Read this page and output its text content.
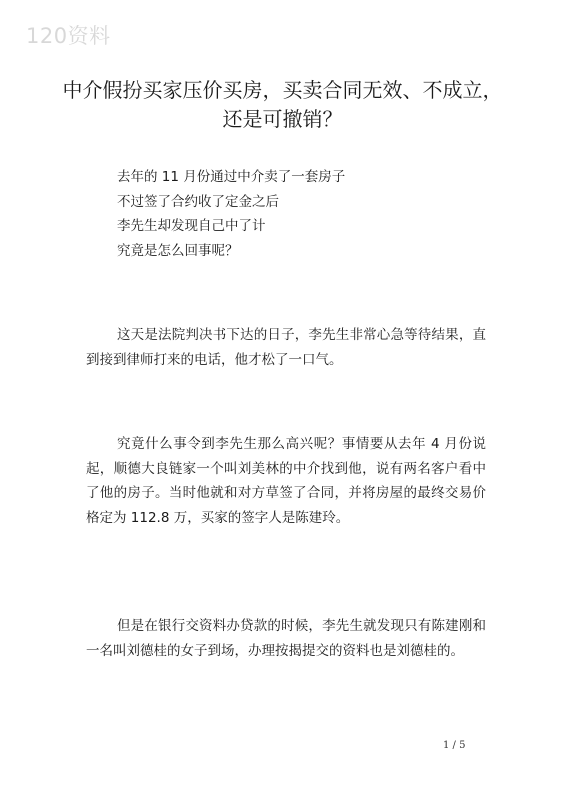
120资料
中介假扮买家压价买房，买卖合同无效、不成立，还是可撤销？
去年的 11 月份通过中介卖了一套房子
不过签了合约收了定金之后
李先生却发现自己中了计
究竟是怎么回事呢？
这天是法院判决书下达的日子，李先生非常心急等待结果，直到接到律师打来的电话，他才松了一口气。
究竟什么事令到李先生那么高兴呢？事情要从去年 4 月份说起，顺德大良链家一个叫刘美林的中介找到他，说有两名客户看中了他的房子。当时他就和对方草签了合同，并将房屋的最终交易价格定为 112.8 万，买家的签字人是陈建玲。
但是在银行交资料办贷款的时候，李先生就发现只有陈建刚和一名叫刘德桂的女子到场，办理按揭提交的资料也是刘德桂的。
1 / 5
